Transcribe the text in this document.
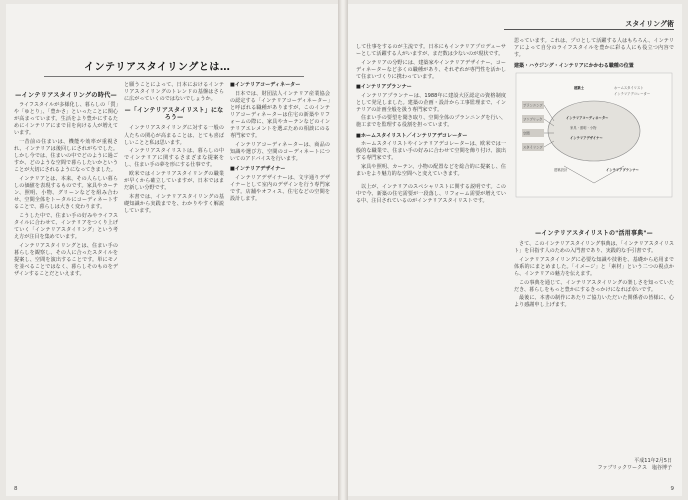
インテリアスタイリングとは…
—インテリアスタイリングの時代—

ライフスタイルが多様化し、暮らしの「質」や「ゆとり」、「豊かさ」といったことに関心が高まっています。生活をより豊かにするためにインテリアにまで目を向ける人が増えています。

一昔前の住まいは、機能や効率が重視され、インテリアは後回しにされがちでした。しかし今では、住まいの中でどのように過ごすか、どのような空間で暮らしたいかということが大切にされるようになってきました。

インテリアとは、本来、その人らしい暮らしの価値を表現するものです。家具やカーテン、照明、小物、グリーンなどを組み合わせ、空間全体をトータルにコーディネートすることで、暮らしは大きく変わります。

こうした中で、住まい手の好みやライフスタイルに合わせて、インテリアをつくり上げていく「インテリアスタイリング」という考え方が注目を集めています。

インテリアスタイリングとは、住まい手の暮らしを観察し、その人に合ったスタイルを提案し、空間を演出することです。単にモノを並べることではなく、暮らしそのものをデザインすることだといえます。

と願うことによって、日本におけるインテリアスタイリングのトレンドの基盤はさらに広がっていくのではないでしょうか。

—「インテリアスタイリスト」になろう—

インテリアスタイリングに対する一般の人たちの関心が高まることは、とても喜ばしいことと私は思います。

インテリアスタイリストは、暮らしの中でインテリアに関するさまざまな提案をし、住まい手の夢を形にする仕事です。

欧米ではインテリアスタイリングの職業が早くから確立していますが、日本ではまだ新しい分野です。

本書では、インテリアスタイリングの基礎知識から実践までを、わかりやすく解説しています。

■インテリアコーディネーター

日本では、財団法人インテリア産業協会の認定する「インテリアコーディネーター」と呼ばれる職種がありますが、このインテリアコーディネーターは住宅の新築やリフォームの際に、家具やカーテンなどのインテリアエレメントを選ぶための相談にのる専門家です。

インテリアコーディネーターは、商品の知識や選び方、空間のコーディネートについてのアドバイスを行います。

■インテリアデザイナー

インテリアデザイナーは、文字通りデザイナーとして室内のデザインを行う専門家です。店舗やオフィス、住宅などの空間を設計します。

8
スタイリング術

して仕事をするのが主流です。日本にもインテリアプロデューサーとして活躍する人がいますが、まだ数は少ないのが現状です。

インテリアの分野には、建築家やインテリアデザイナー、コーディネーターなど多くの職種があり、それぞれが専門性を活かして住まいづくりに携わっています。

■インテリアプランナー

インテリアプランナーは、1988年に建設大臣認定の資格制度として発足しました。建築の企画・設計から工事監理まで、インテリアの計画全般を扱う専門家です。

住まい手の要望を聞き取り、空間全体のプランニングを行い、施工までを監理する役割を担っています。

■ホームスタイリスト／インテリアデコレーター

ホームスタイリストやインテリアデコレーターは、欧米では一般的な職業で、住まい手の好みに合わせて空間を飾り付け、演出する専門家です。

家具や照明、カーテン、小物の配置などを総合的に提案し、住まいをより魅力的な空間へと変えていきます。

以上が、インテリアのスペシャリストに関する説明です。この中で今、新築の住宅需要が一段落し、リフォーム需要が増えている中、注目されているのがインテリアスタイリストです。

思っています。これは、プロとして活躍する人はもちろん、インテリアによって自分のライフスタイルを豊かに彩る人にも役立つ内容です。

建築・ハウジング・インテリアにかかわる職種の位置
建築士	ホームスタイリスト
インテリアデコレーター
プランニング
ファブリック
空間
スタイリング
インテリアコーディネーター
家具・照明・小物
インテリアデザイナー
建築設計	インテリアプランナー
—インテリアスタイリストの"活用事典"—

さて、このインテリアスタイリング事典は、「インテリアスタイリスト」を目指す人のための入門書であり、実践的な手引書です。

インテリアスタイリングに必要な知識や技術を、基礎から応用まで体系的にまとめました。「イメージ」と「素材」という二つの視点から、インテリアの魅力を伝えます。

この事典を通じて、インテリアスタイリングの楽しさを知っていただき、暮らしをもっと豊かにするきっかけになれば幸いです。

最後に、本書の制作にあたりご協力いただいた関係者の皆様に、心より感謝申し上げます。

平成11年2月5日
ファブリックワークス　塩谷博子
9
